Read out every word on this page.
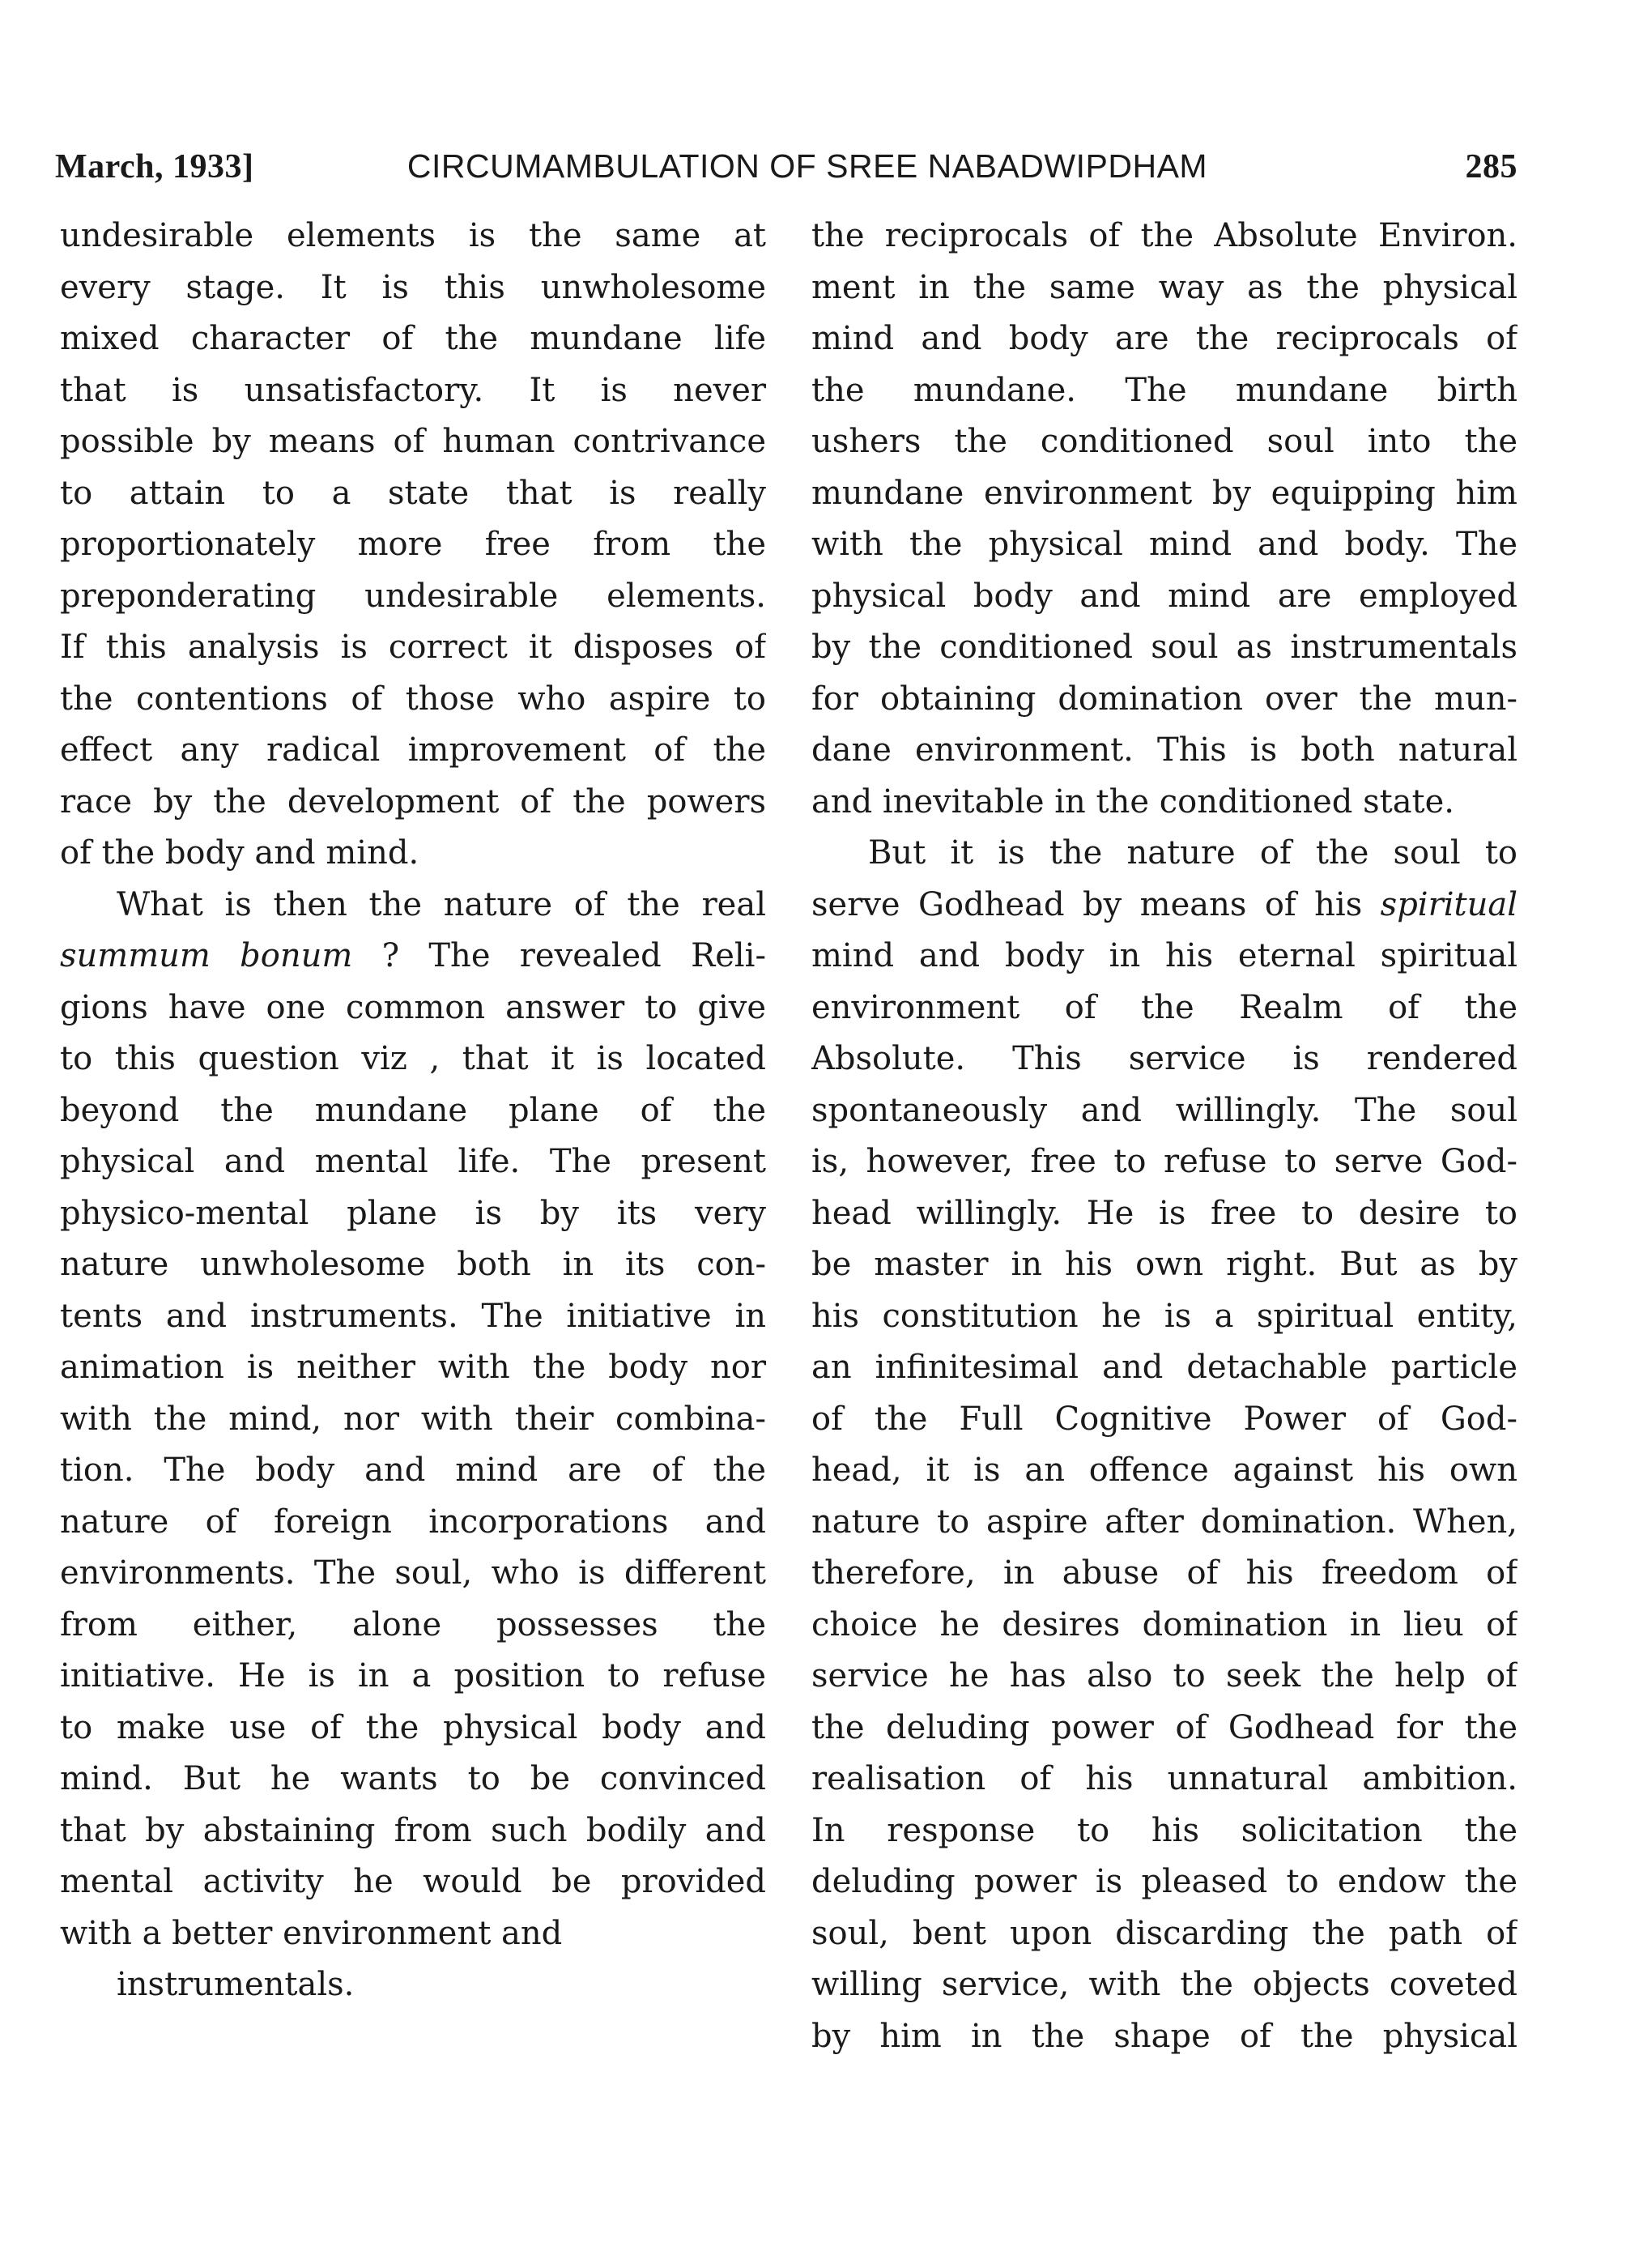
March, 1933]	CIRCUMAMBULATION OF SREE NABADWIPDHAM	285
undesirable elements is the same at
every stage. It is this unwholesome
mixed character of the mundane life
that is unsatisfactory. It is never
possible by means of human contrivance
to attain to a state that is really
proportionately more free from the
preponderating undesirable elements.
If this analysis is correct it disposes of
the contentions of those who aspire to
effect any radical improvement of the
race by the development of the powers
of the body and mind.
What is then the nature of the real
summum bonum ? The revealed Reli-
gions have one common answer to give
to this question viz , that it is located
beyond the mundane plane of the
physical and mental life. The present
physico-mental plane is by its very
nature unwholesome both in its con-
tents and instruments. The initiative in
animation is neither with the body nor
with the mind, nor with their combina-
tion. The body and mind are of the
nature of foreign incorporations and
environments. The soul, who is different
from either, alone possesses the
initiative. He is in a position to refuse
to make use of the physical body and
mind. But he wants to be convinced
that by abstaining from such bodily and
mental activity he would be provided
with a better environment and
instrumentals.
the reciprocals of the Absolute Environ.
ment in the same way as the physical
mind and body are the reciprocals of
the mundane. The mundane birth
ushers the conditioned soul into the
mundane environment by equipping him
with the physical mind and body. The
physical body and mind are employed
by the conditioned soul as instrumentals
for obtaining domination over the mun-
dane environment. This is both natural
and inevitable in the conditioned state.
But it is the nature of the soul to
serve Godhead by means of his spiritual
mind and body in his eternal spiritual
environment of the Realm of the
Absolute. This service is rendered
spontaneously and willingly. The soul
is, however, free to refuse to serve God-
head willingly. He is free to desire to
be master in his own right. But as by
his constitution he is a spiritual entity,
an infinitesimal and detachable particle
of the Full Cognitive Power of God-
head, it is an offence against his own
nature to aspire after domination. When,
therefore, in abuse of his freedom of
choice he desires domination in lieu of
service he has also to seek the help of
the deluding power of Godhead for the
realisation of his unnatural ambition.
In response to his solicitation the
deluding power is pleased to endow the
soul, bent upon discarding the path of
willing service, with the objects coveted
by him in the shape of the physical
